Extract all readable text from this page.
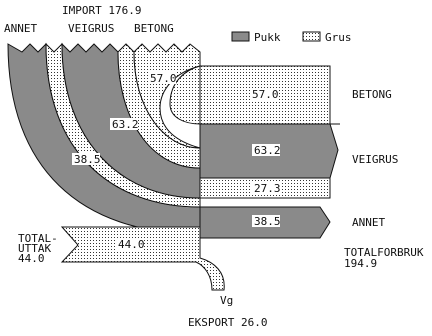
IMPORT 176.9
ANNET	VEIGRUS BETONG
Pukk	Grus
57.0
57.0
63.2
63.2
38.5
27.3
38.5
44.0
BETONG
VEIGRUS
ANNET
TOTAL-
UTTAK
44.0	TOTALFORBRUK
194.9
Vg
EKSPORT 26.0
